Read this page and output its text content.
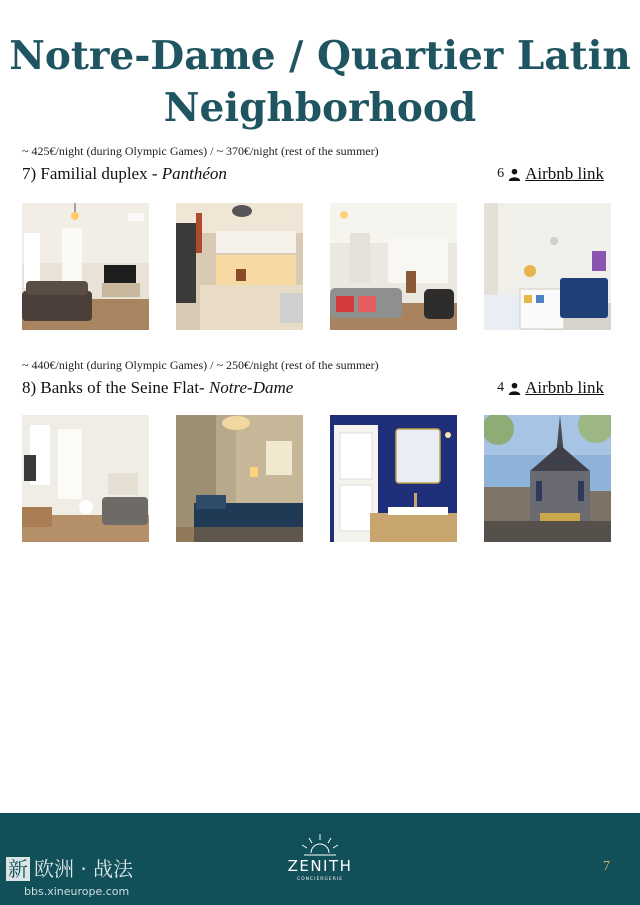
Notre-Dame / Quartier Latin
Neighborhood
~ 425€/night (during Olympic Games) / ~ 370€/night (rest of the summer)
7) Familial duplex - Panthéon	6 Airbnb link
~ 440€/night (during Olympic Games) / ~ 250€/night (rest of the summer)
8) Banks of the Seine Flat- Notre-Dame	4 Airbnb link
新 欧洲 · 战法
bbs.xineurope.com
ZENITH
CONCIERGERIE
7
